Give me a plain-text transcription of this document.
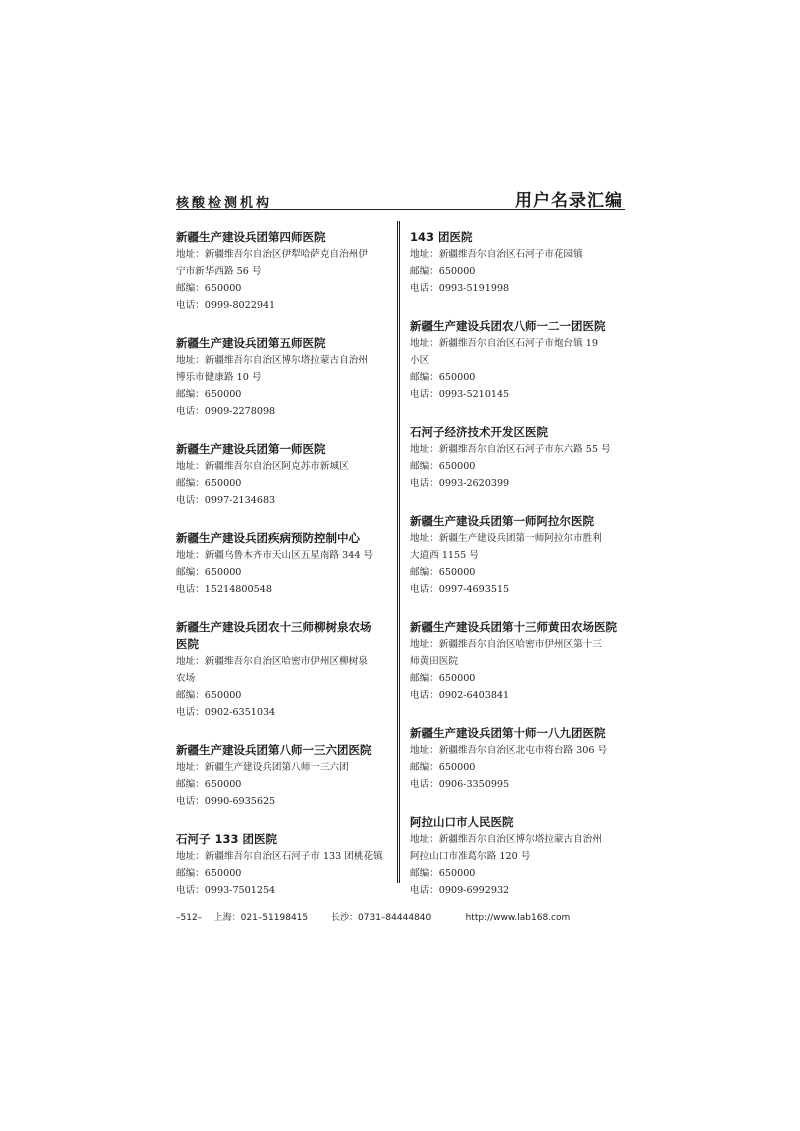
核酸检测机构	用户名录汇编
新疆生产建设兵团第四师医院
地址：新疆维吾尔自治区伊犁哈萨克自治州伊
宁市新华西路 56 号
邮编：650000
电话：0999-8022941
新疆生产建设兵团第五师医院
地址：新疆维吾尔自治区博尔塔拉蒙古自治州
博乐市健康路 10 号
邮编：650000
电话：0909-2278098
新疆生产建设兵团第一师医院
地址：新疆维吾尔自治区阿克苏市新城区
邮编：650000
电话：0997-2134683
新疆生产建设兵团疾病预防控制中心
地址：新疆乌鲁木齐市天山区五星南路 344 号
邮编：650000
电话：15214800548
新疆生产建设兵团农十三师柳树泉农场
医院
地址：新疆维吾尔自治区哈密市伊州区柳树泉
农场
邮编：650000
电话：0902-6351034
新疆生产建设兵团第八师一三六团医院
地址：新疆生产建设兵团第八师一三六团
邮编：650000
电话：0990-6935625
石河子 133 团医院
地址：新疆维吾尔自治区石河子市 133 团桃花镇
邮编：650000
电话：0993-7501254
143 团医院
地址：新疆维吾尔自治区石河子市花园镇
邮编：650000
电话：0993-5191998
新疆生产建设兵团农八师一二一团医院
地址：新疆维吾尔自治区石河子市炮台镇 19
小区
邮编：650000
电话：0993-5210145
石河子经济技术开发区医院
地址：新疆维吾尔自治区石河子市东六路 55 号
邮编：650000
电话：0993-2620399
新疆生产建设兵团第一师阿拉尔医院
地址：新疆生产建设兵团第一师阿拉尔市胜利
大道西 1155 号
邮编：650000
电话：0997-4693515
新疆生产建设兵团第十三师黄田农场医院
地址：新疆维吾尔自治区哈密市伊州区第十三
师黄田医院
邮编：650000
电话：0902-6403841
新疆生产建设兵团第十师一八九团医院
地址：新疆维吾尔自治区北屯市将台路 306 号
邮编：650000
电话：0906-3350995
阿拉山口市人民医院
地址：新疆维吾尔自治区博尔塔拉蒙古自治州
阿拉山口市准葛尔路 120 号
邮编：650000
电话：0909-6992932
–512– 上海：021–51198415	长沙：0731–84444840	http://www.lab168.com
